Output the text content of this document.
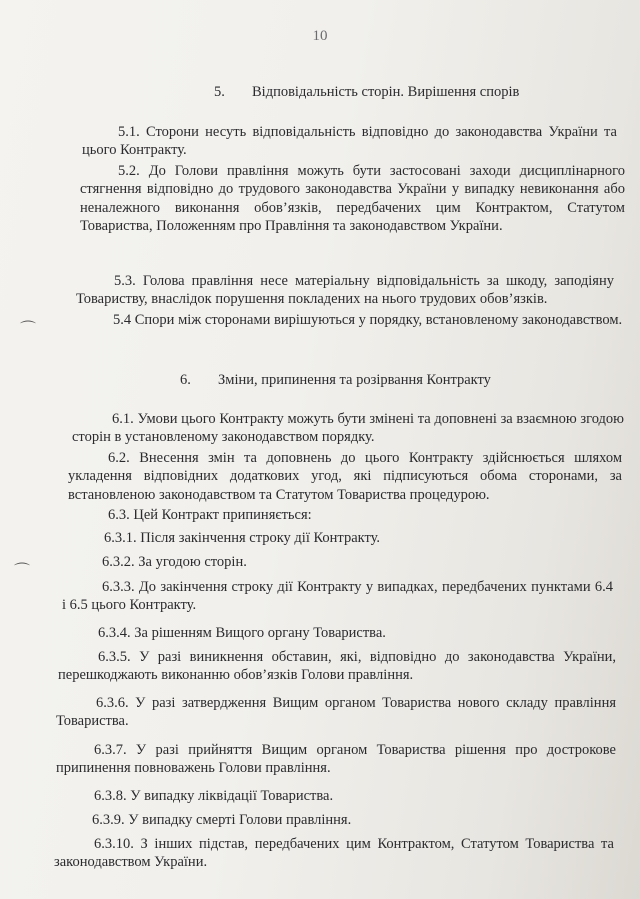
10
5. Відповідальність сторін. Вирішення спорів

5.1. Сторони несуть відповідальність відповідно до законодавства України та цього Контракту.

5.2. До Голови правління можуть бути застосовані заходи дисциплінарного стягнення відповідно до трудового законодавства України у випадку невиконання або неналежного виконання обов’язків, передбачених цим Контрактом, Статутом Товариства, Положенням про Правління та законодавством України.

5.3. Голова правління несе матеріальну відповідальність за шкоду, заподіяну Товариству, внаслідок порушення покладених на нього трудових обов’язків.

5.4 Спори між сторонами вирішуються у порядку, встановленому законодавством.

⌒
6. Зміни, припинення та розірвання Контракту

6.1. Умови цього Контракту можуть бути змінені та доповнені за взаємною згодою сторін в установленому законодавством порядку.

6.2. Внесення змін та доповнень до цього Контракту здійснюється шляхом укладення відповідних додаткових угод, які підписуються обома сторонами, за встановленою законодавством та Статутом Товариства процедурою.

6.3. Цей Контракт припиняється:

6.3.1. Після закінчення строку дії Контракту.

6.3.2. За угодою сторін.

6.3.3. До закінчення строку дії Контракту у випадках, передбачених пунктами 6.4 і 6.5 цього Контракту.

⌒

6.3.4. За рішенням Вищого органу Товариства.

6.3.5. У разі виникнення обставин, які, відповідно до законодавства України, перешкоджають виконанню обов’язків Голови правління.

6.3.6. У разі затвердження Вищим органом Товариства нового складу правління Товариства.

6.3.7. У разі прийняття Вищим органом Товариства рішення про дострокове припинення повноважень Голови правління.

6.3.8. У випадку ліквідації Товариства.

6.3.9. У випадку смерті Голови правління.

6.3.10. З інших підстав, передбачених цим Контрактом, Статутом Товариства та законодавством України.
